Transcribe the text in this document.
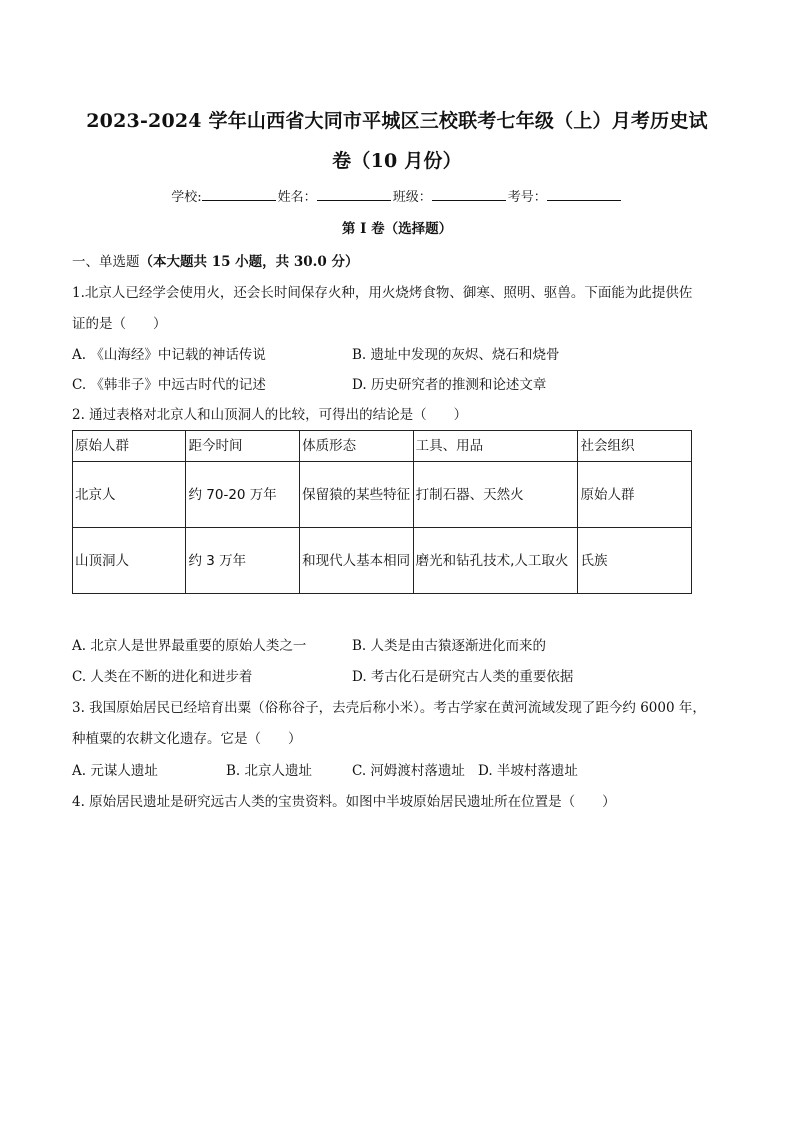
2023-2024 学年山西省大同市平城区三校联考七年级（上）月考历史试
卷（10 月份）
学校:	姓名：	班级：	考号：
第 I 卷（选择题）
一、单选题（本大题共 15 小题，共 30.0 分）
1.北京人已经学会使用火，还会长时间保存火种，用火烧烤食物、御寒、照明、驱兽。下面能为此提供佐
证的是（　　）
A. 《山海经》中记载的神话传说	B. 遗址中发现的灰烬、烧石和烧骨
C. 《韩非子》中远古时代的记述	D. 历史研究者的推测和论述文章
2. 通过表格对北京人和山顶洞人的比较，可得出的结论是（　　）
原始人群	距今时间	体质形态	工具、用品	社会组织
北京人	约 70-20 万年	保留猿的某些特征	打制石器、天然火	原始人群
山顶洞人	约 3 万年	和现代人基本相同	磨光和钻孔技术,人工取火	氏族
A. 北京人是世界最重要的原始人类之一	B. 人类是由古猿逐渐进化而来的
C. 人类在不断的进化和进步着	D. 考古化石是研究古人类的重要依据
3. 我国原始居民已经培育出粟（俗称谷子，去壳后称小米）。考古学家在黄河流域发现了距今约 6000 年，
种植粟的农耕文化遗存。它是（　　）
A. 元谋人遗址	B. 北京人遗址	C. 河姆渡村落遗址 D. 半坡村落遗址
4. 原始居民遗址是研究远古人类的宝贵资料。如图中半坡原始居民遗址所在位置是（　　）
